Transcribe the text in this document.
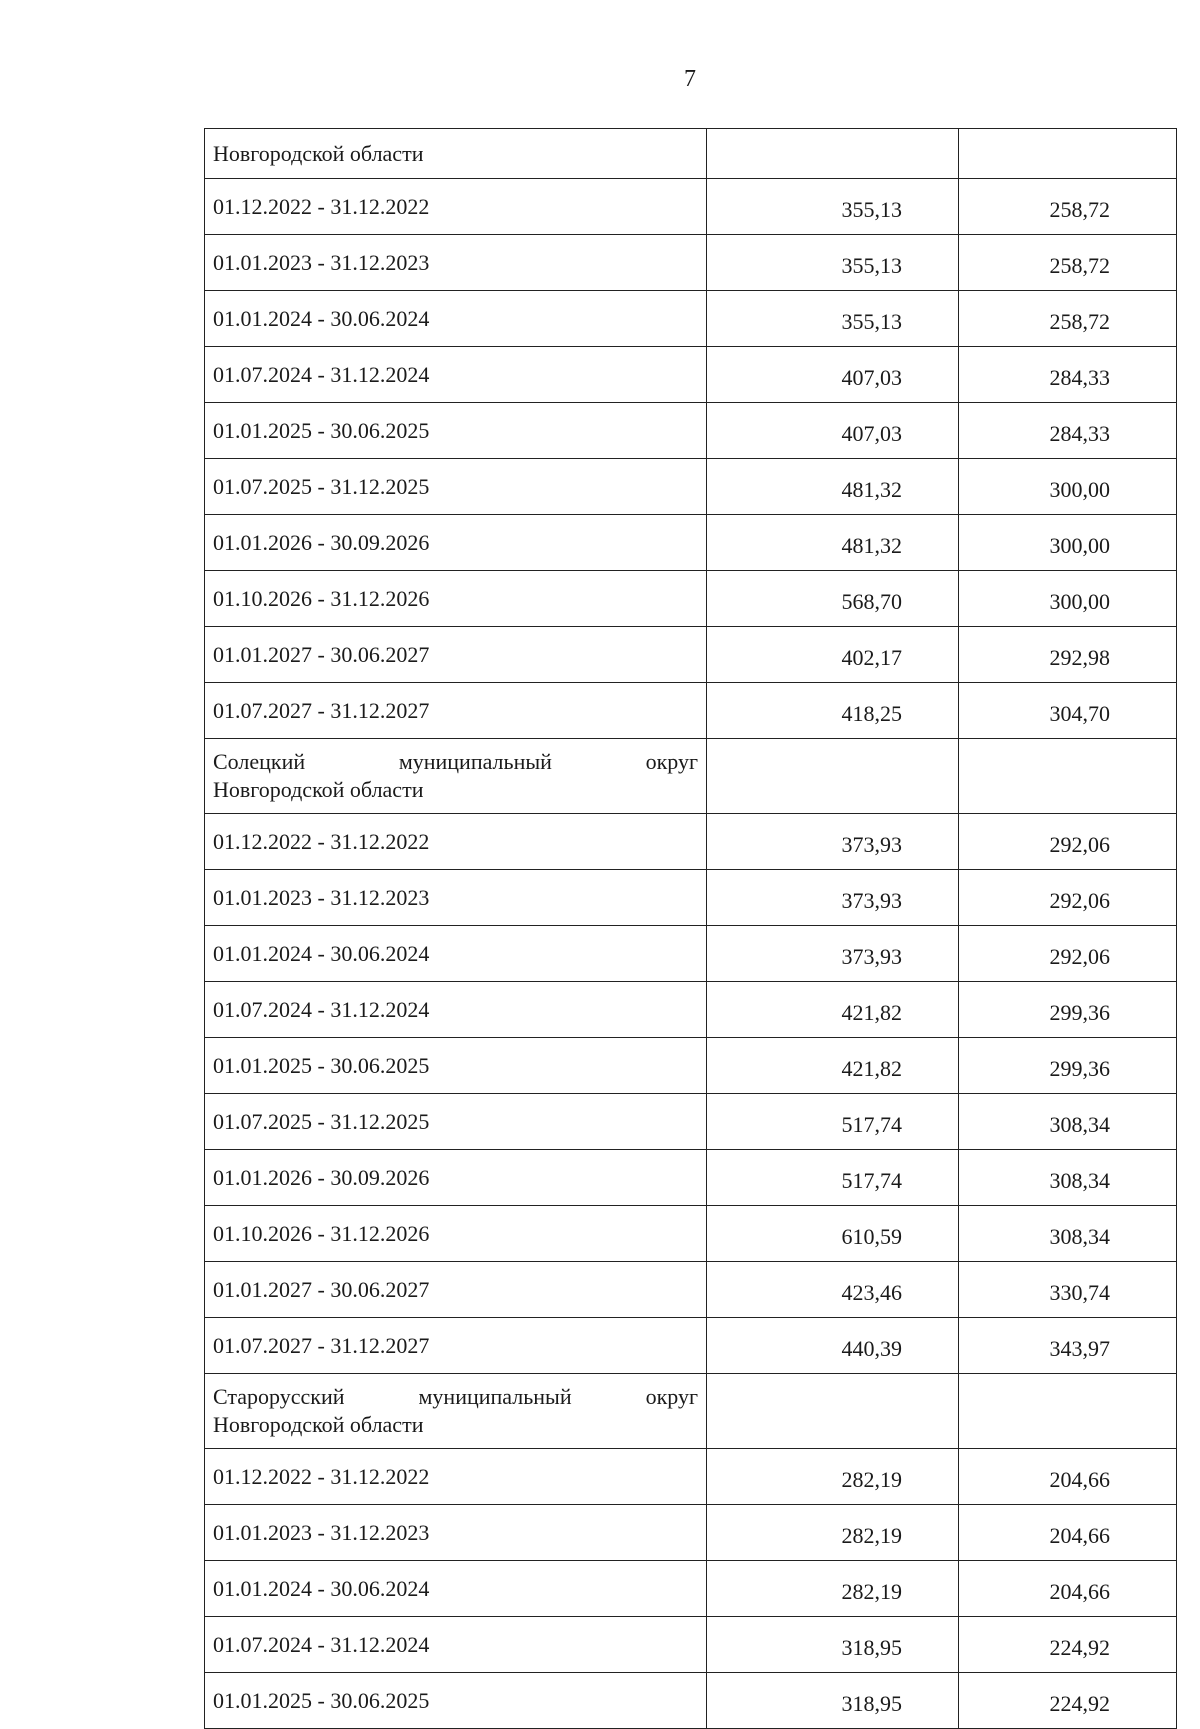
7
Новгородской области		

01.12.2022 - 31.12.2022	355,13	258,72
01.01.2023 - 31.12.2023	355,13	258,72
01.01.2024 - 30.06.2024	355,13	258,72
01.07.2024 - 31.12.2024	407,03	284,33
01.01.2025 - 30.06.2025	407,03	284,33
01.07.2025 - 31.12.2025	481,32	300,00
01.01.2026 - 30.09.2026	481,32	300,00
01.10.2026 - 31.12.2026	568,70	300,00
01.01.2027 - 30.06.2027	402,17	292,98
01.07.2027 - 31.12.2027	418,25	304,70

Солецкий муниципальный округ
Новгородской области		

01.12.2022 - 31.12.2022	373,93	292,06
01.01.2023 - 31.12.2023	373,93	292,06
01.01.2024 - 30.06.2024	373,93	292,06
01.07.2024 - 31.12.2024	421,82	299,36
01.01.2025 - 30.06.2025	421,82	299,36
01.07.2025 - 31.12.2025	517,74	308,34
01.01.2026 - 30.09.2026	517,74	308,34
01.10.2026 - 31.12.2026	610,59	308,34
01.01.2027 - 30.06.2027	423,46	330,74
01.07.2027 - 31.12.2027	440,39	343,97

Старорусский муниципальный округ
Новгородской области		

01.12.2022 - 31.12.2022	282,19	204,66
01.01.2023 - 31.12.2023	282,19	204,66
01.01.2024 - 30.06.2024	282,19	204,66
01.07.2024 - 31.12.2024	318,95	224,92
01.01.2025 - 30.06.2025	318,95	224,92
